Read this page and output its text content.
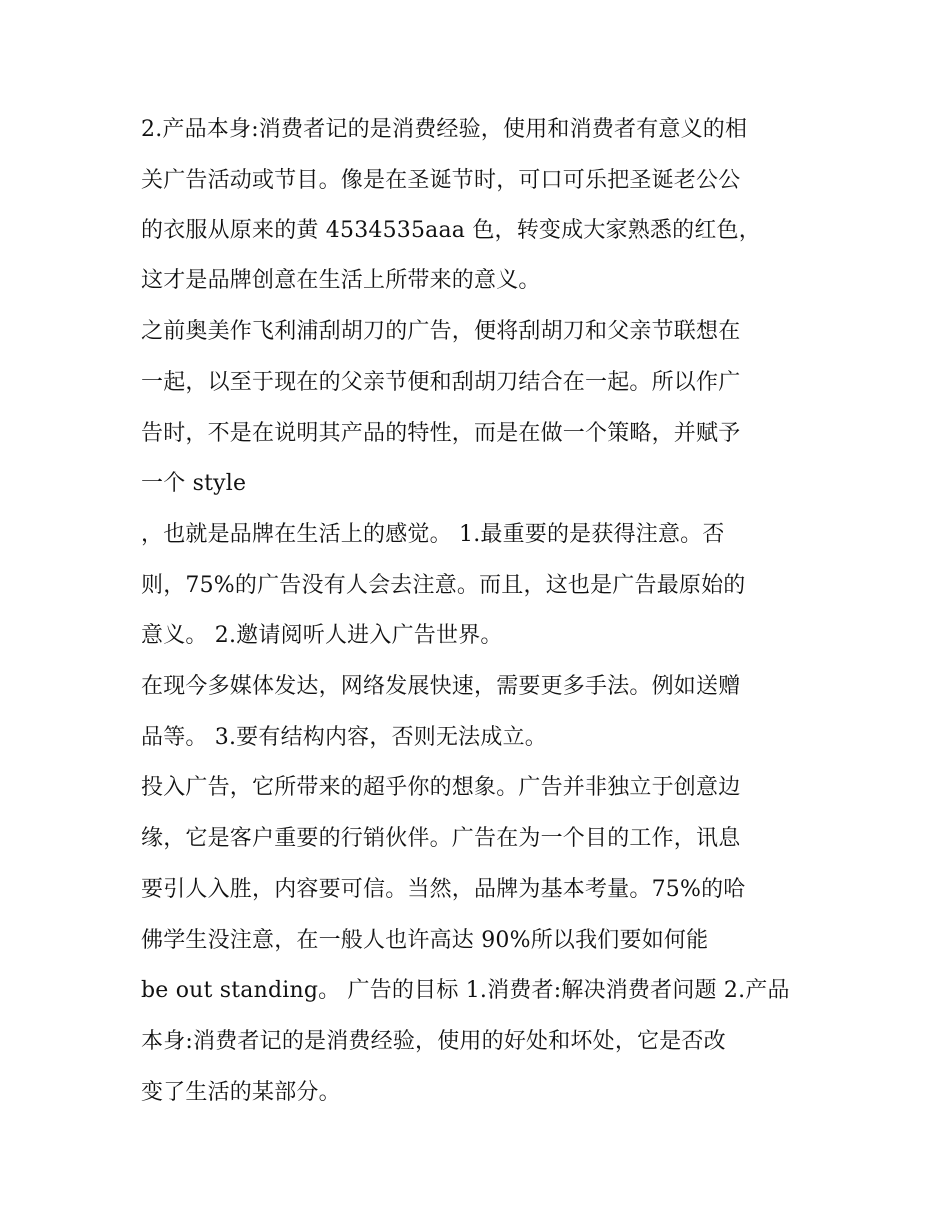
2.产品本身:消费者记的是消费经验，使用和消费者有意义的相
关广告活动或节目。像是在圣诞节时，可口可乐把圣诞老公公
的衣服从原来的黄 4534535aaa 色，转变成大家熟悉的红色，
这才是品牌创意在生活上所带来的意义。
之前奥美作飞利浦刮胡刀的广告，便将刮胡刀和父亲节联想在
一起，以至于现在的父亲节便和刮胡刀结合在一起。所以作广
告时，不是在说明其产品的特性，而是在做一个策略，并赋予
一个 style
，也就是品牌在生活上的感觉。 1.最重要的是获得注意。否
则，75%的广告没有人会去注意。而且，这也是广告最原始的
意义。 2.邀请阅听人进入广告世界。
在现今多媒体发达，网络发展快速，需要更多手法。例如送赠
品等。 3.要有结构内容，否则无法成立。
投入广告，它所带来的超乎你的想象。广告并非独立于创意边
缘，它是客户重要的行销伙伴。广告在为一个目的工作，讯息
要引人入胜，内容要可信。当然，品牌为基本考量。75%的哈
佛学生没注意，在一般人也许高达 90%所以我们要如何能
be out standing。 广告的目标 1.消费者:解决消费者问题 2.产品
本身:消费者记的是消费经验，使用的好处和坏处，它是否改
变了生活的某部分。
